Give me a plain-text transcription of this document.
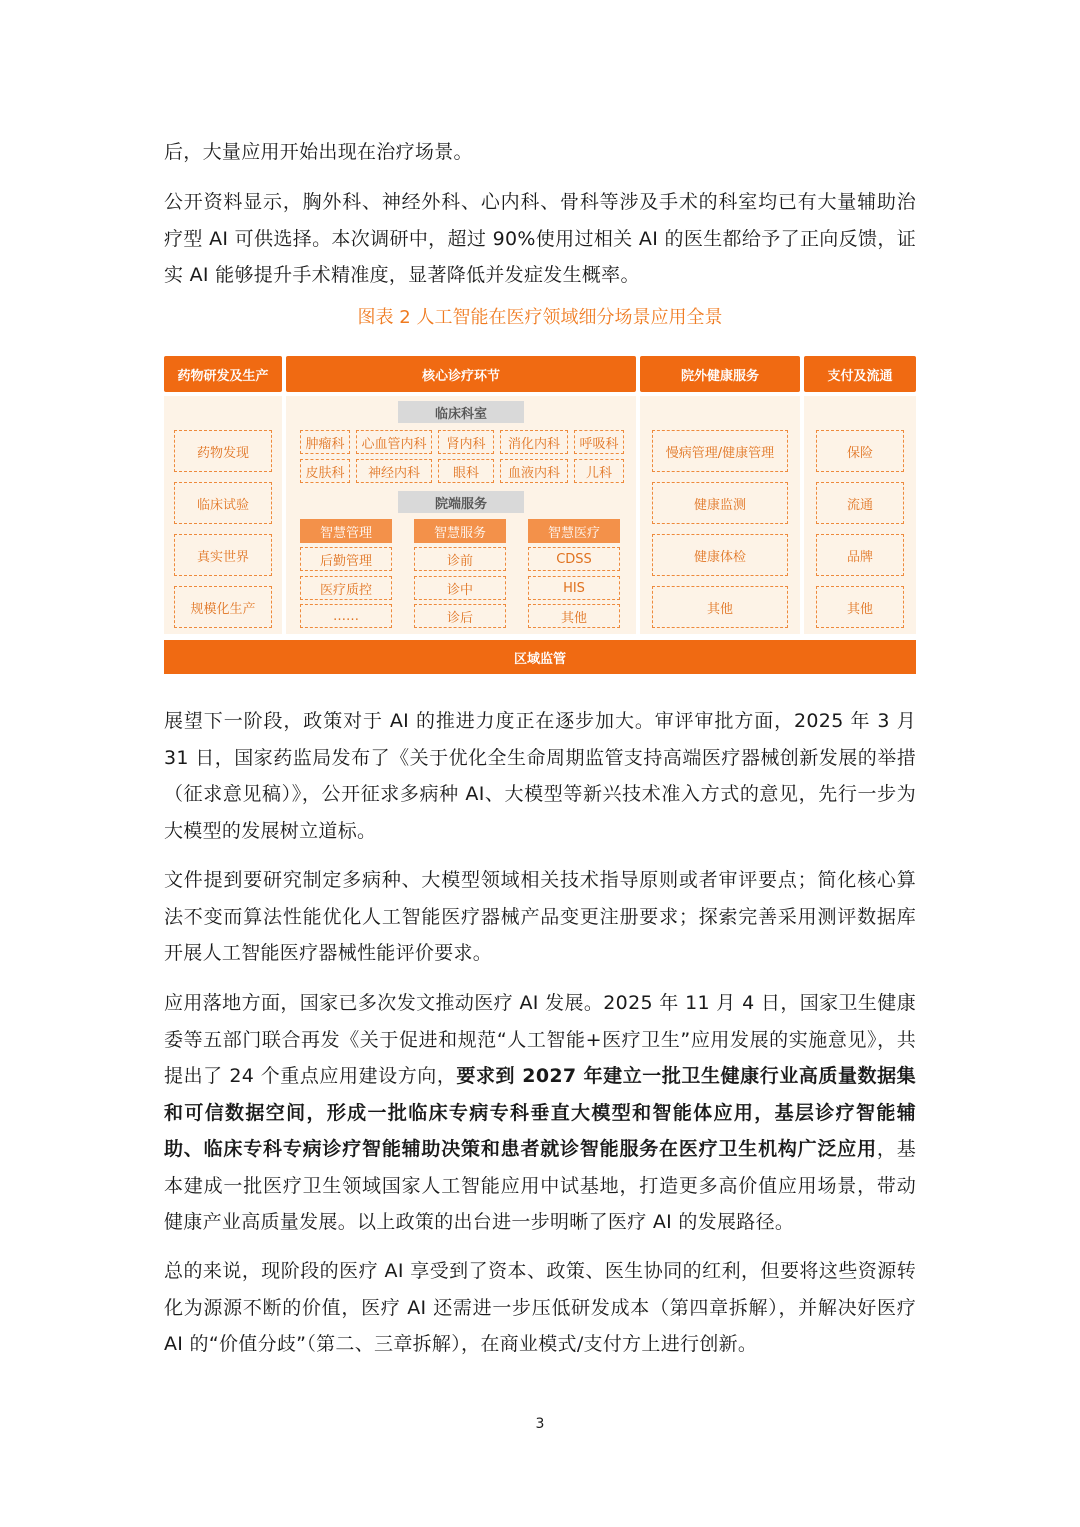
后，大量应用开始出现在治疗场景。

公开资料显示，胸外科、神经外科、心内科、骨科等涉及手术的科室均已有大量辅助治疗型 AI 可供选择。本次调研中，超过 90%使用过相关 AI 的医生都给予了正向反馈，证实 AI 能够提升手术精准度，显著降低并发症发生概率。

图表 2 人工智能在医疗领域细分场景应用全景
药物研发及生产	核心诊疗环节	院外健康服务	支付及流通
药物发现
临床试验
真实世界
规模化生产
临床科室
肿瘤科	心血管内科	肾内科	消化内科	呼吸科
皮肤科	神经内科	眼科	血液内科	儿科
院端服务
智慧管理
后勤管理
医疗质控
……
智慧服务
诊前
诊中
诊后
智慧医疗
CDSS
HIS
其他
慢病管理/健康管理
健康监测
健康体检
其他
保险
流通
品牌
其他
区域监管

展望下一阶段，政策对于 AI 的推进力度正在逐步加大。审评审批方面，2025 年 3 月 31 日，国家药监局发布了《关于优化全生命周期监管支持高端医疗器械创新发展的举措（征求意见稿）》，公开征求多病种 AI、大模型等新兴技术准入方式的意见，先行一步为大模型的发展树立道标。

文件提到要研究制定多病种、大模型领域相关技术指导原则或者审评要点；简化核心算法不变而算法性能优化人工智能医疗器械产品变更注册要求；探索完善采用测评数据库开展人工智能医疗器械性能评价要求。

应用落地方面，国家已多次发文推动医疗 AI 发展。2025 年 11 月 4 日，国家卫生健康委等五部门联合再发《关于促进和规范“人工智能+医疗卫生”应用发展的实施意见》，共提出了 24 个重点应用建设方向，要求到 2027 年建立一批卫生健康行业高质量数据集和可信数据空间，形成一批临床专病专科垂直大模型和智能体应用，基层诊疗智能辅助、临床专科专病诊疗智能辅助决策和患者就诊智能服务在医疗卫生机构广泛应用，基本建成一批医疗卫生领域国家人工智能应用中试基地，打造更多高价值应用场景，带动健康产业高质量发展。以上政策的出台进一步明晰了医疗 AI 的发展路径。

总的来说，现阶段的医疗 AI 享受到了资本、政策、医生协同的红利，但要将这些资源转化为源源不断的价值，医疗 AI 还需进一步压低研发成本（第四章拆解），并解决好医疗 AI 的“价值分歧”（第二、三章拆解），在商业模式/支付方上进行创新。

3
